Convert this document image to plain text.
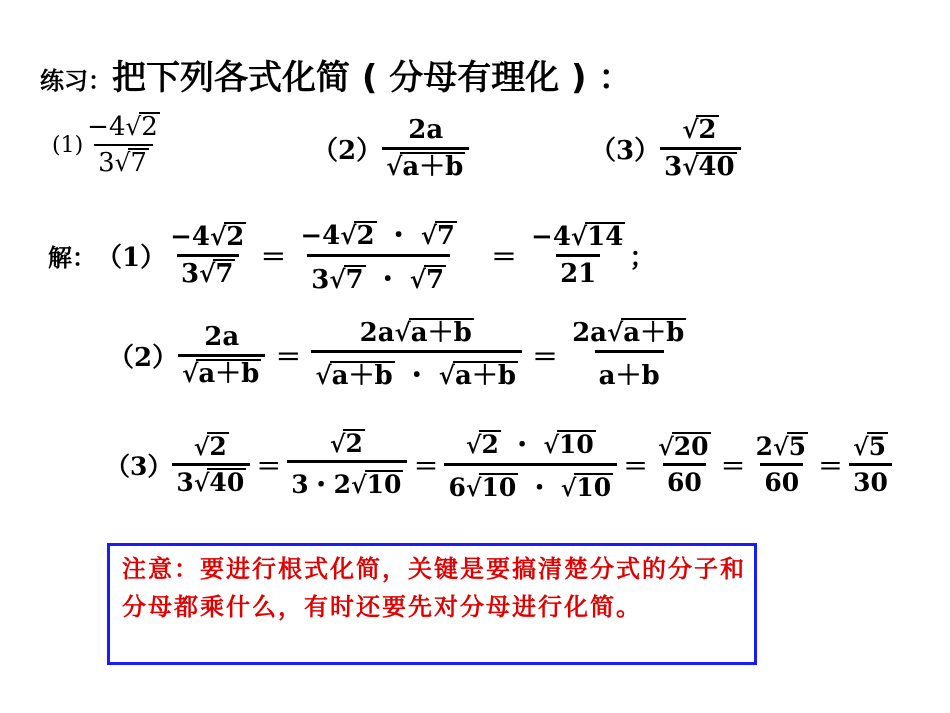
练习：把下列各式化简 ( 分母有理化 ) ：
$(1) \frac{-4√2}{3√7}$	$(2) \frac{2a}{√a+b}$	$(3) \frac{√2}{3√40}$
解： $(1) \frac{-4√2}{3√7} = \frac{-4√2 ・ √7}{3√7 ・ √7}$	＝ $\frac{-4√14}{21}$ ；
$(2) \frac{2a}{√a+b} = \frac{2a√a+b}{√a+b ・ √a+b} = \frac{2a√a+b}{a+b}$
$(3) \frac{√2}{3√40} = \frac{√2}{3・2√10} = \frac{√2 ・ √10}{6√10 ・ √10} = \frac{√20}{60} = \frac{2√5}{60} = \frac{√5}{30}$
注意：要进行根式化简，关键是要搞清楚分式的分子和分母都乘什么，有时还要先对分母进行化简。
